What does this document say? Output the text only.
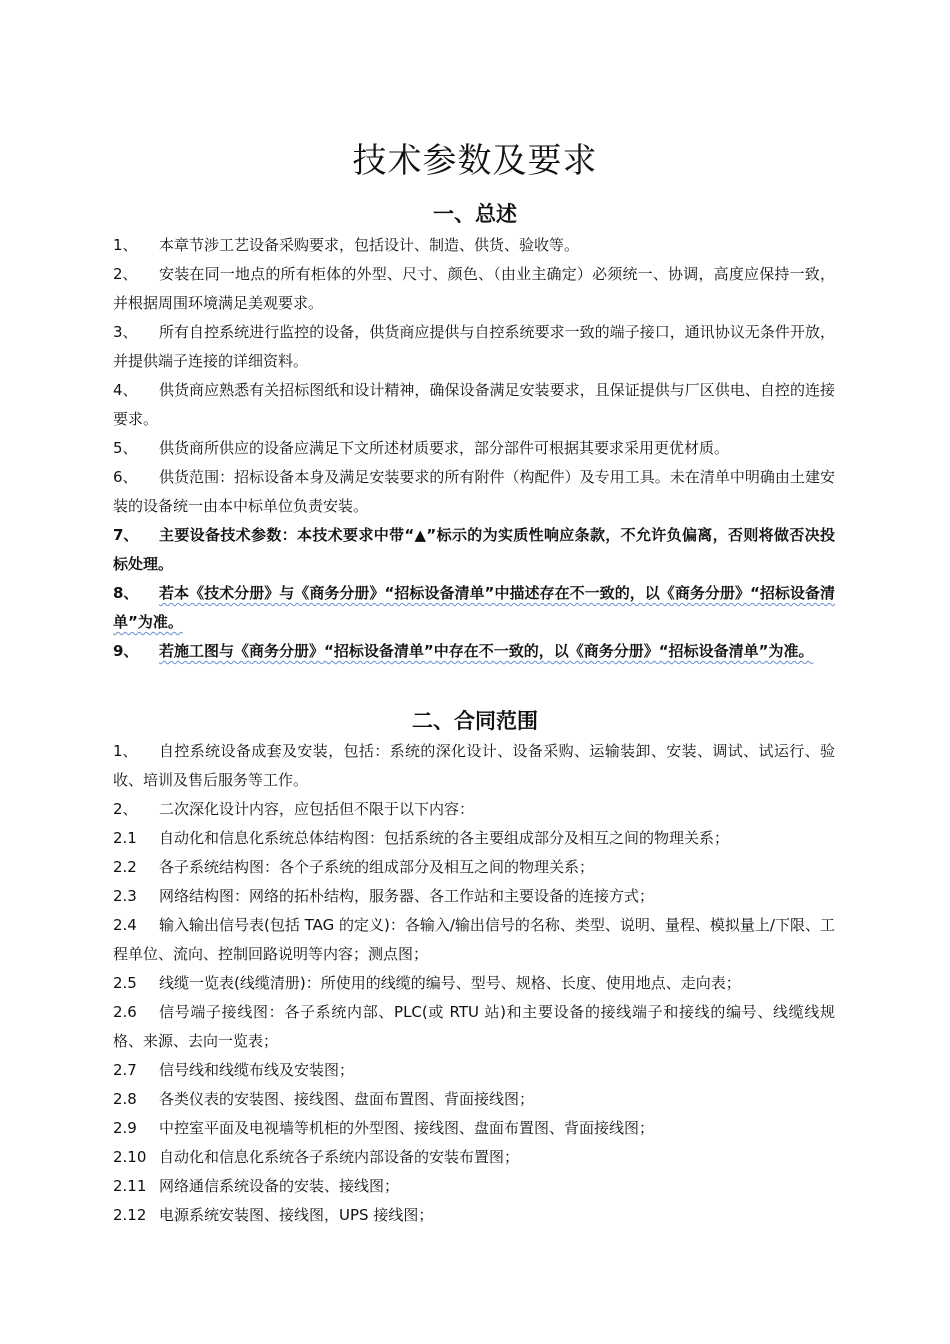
技术参数及要求
一、总述
1、	本章节涉工艺设备采购要求，包括设计、制造、供货、验收等。
2、	安装在同一地点的所有柜体的外型、尺寸、颜色、（由业主确定）必须统一、协调，高度应保持一致，并根据周围环境满足美观要求。
3、	所有自控系统进行监控的设备，供货商应提供与自控系统要求一致的端子接口，通讯协议无条件开放，并提供端子连接的详细资料。
4、	供货商应熟悉有关招标图纸和设计精神，确保设备满足安装要求，且保证提供与厂区供电、自控的连接要求。
5、	供货商所供应的设备应满足下文所述材质要求，部分部件可根据其要求采用更优材质。
6、	供货范围：招标设备本身及满足安装要求的所有附件（构配件）及专用工具。未在清单中明确由土建安装的设备统一由本中标单位负责安装。
7、	主要设备技术参数：本技术要求中带“▲”标示的为实质性响应条款，不允许负偏离，否则将做否决投标处理。
8、	若本《技术分册》与《商务分册》“招标设备清单”中描述存在不一致的，以《商务分册》“招标设备清单”为准。
9、	若施工图与《商务分册》“招标设备清单”中存在不一致的，以《商务分册》“招标设备清单”为准。
二、合同范围
1、	自控系统设备成套及安装，包括：系统的深化设计、设备采购、运输装卸、安装、调试、试运行、验收、培训及售后服务等工作。
2、	二次深化设计内容，应包括但不限于以下内容：
2.1	自动化和信息化系统总体结构图：包括系统的各主要组成部分及相互之间的物理关系；
2.2	各子系统结构图：各个子系统的组成部分及相互之间的物理关系；
2.3	网络结构图：网络的拓朴结构，服务器、各工作站和主要设备的连接方式；
2.4	输入输出信号表(包括 TAG 的定义)：各输入/输出信号的名称、类型、说明、量程、模拟量上/下限、工程单位、流向、控制回路说明等内容；测点图；
2.5	线缆一览表(线缆清册)：所使用的线缆的编号、型号、规格、长度、使用地点、走向表；
2.6	信号端子接线图：各子系统内部、PLC(或 RTU 站)和主要设备的接线端子和接线的编号、线缆线规格、来源、去向一览表；
2.7	信号线和线缆布线及安装图；
2.8	各类仪表的安装图、接线图、盘面布置图、背面接线图；
2.9	中控室平面及电视墙等机柜的外型图、接线图、盘面布置图、背面接线图；
2.10 自动化和信息化系统各子系统内部设备的安装布置图；
2.11 网络通信系统设备的安装、接线图；
2.12 电源系统安装图、接线图，UPS 接线图；
